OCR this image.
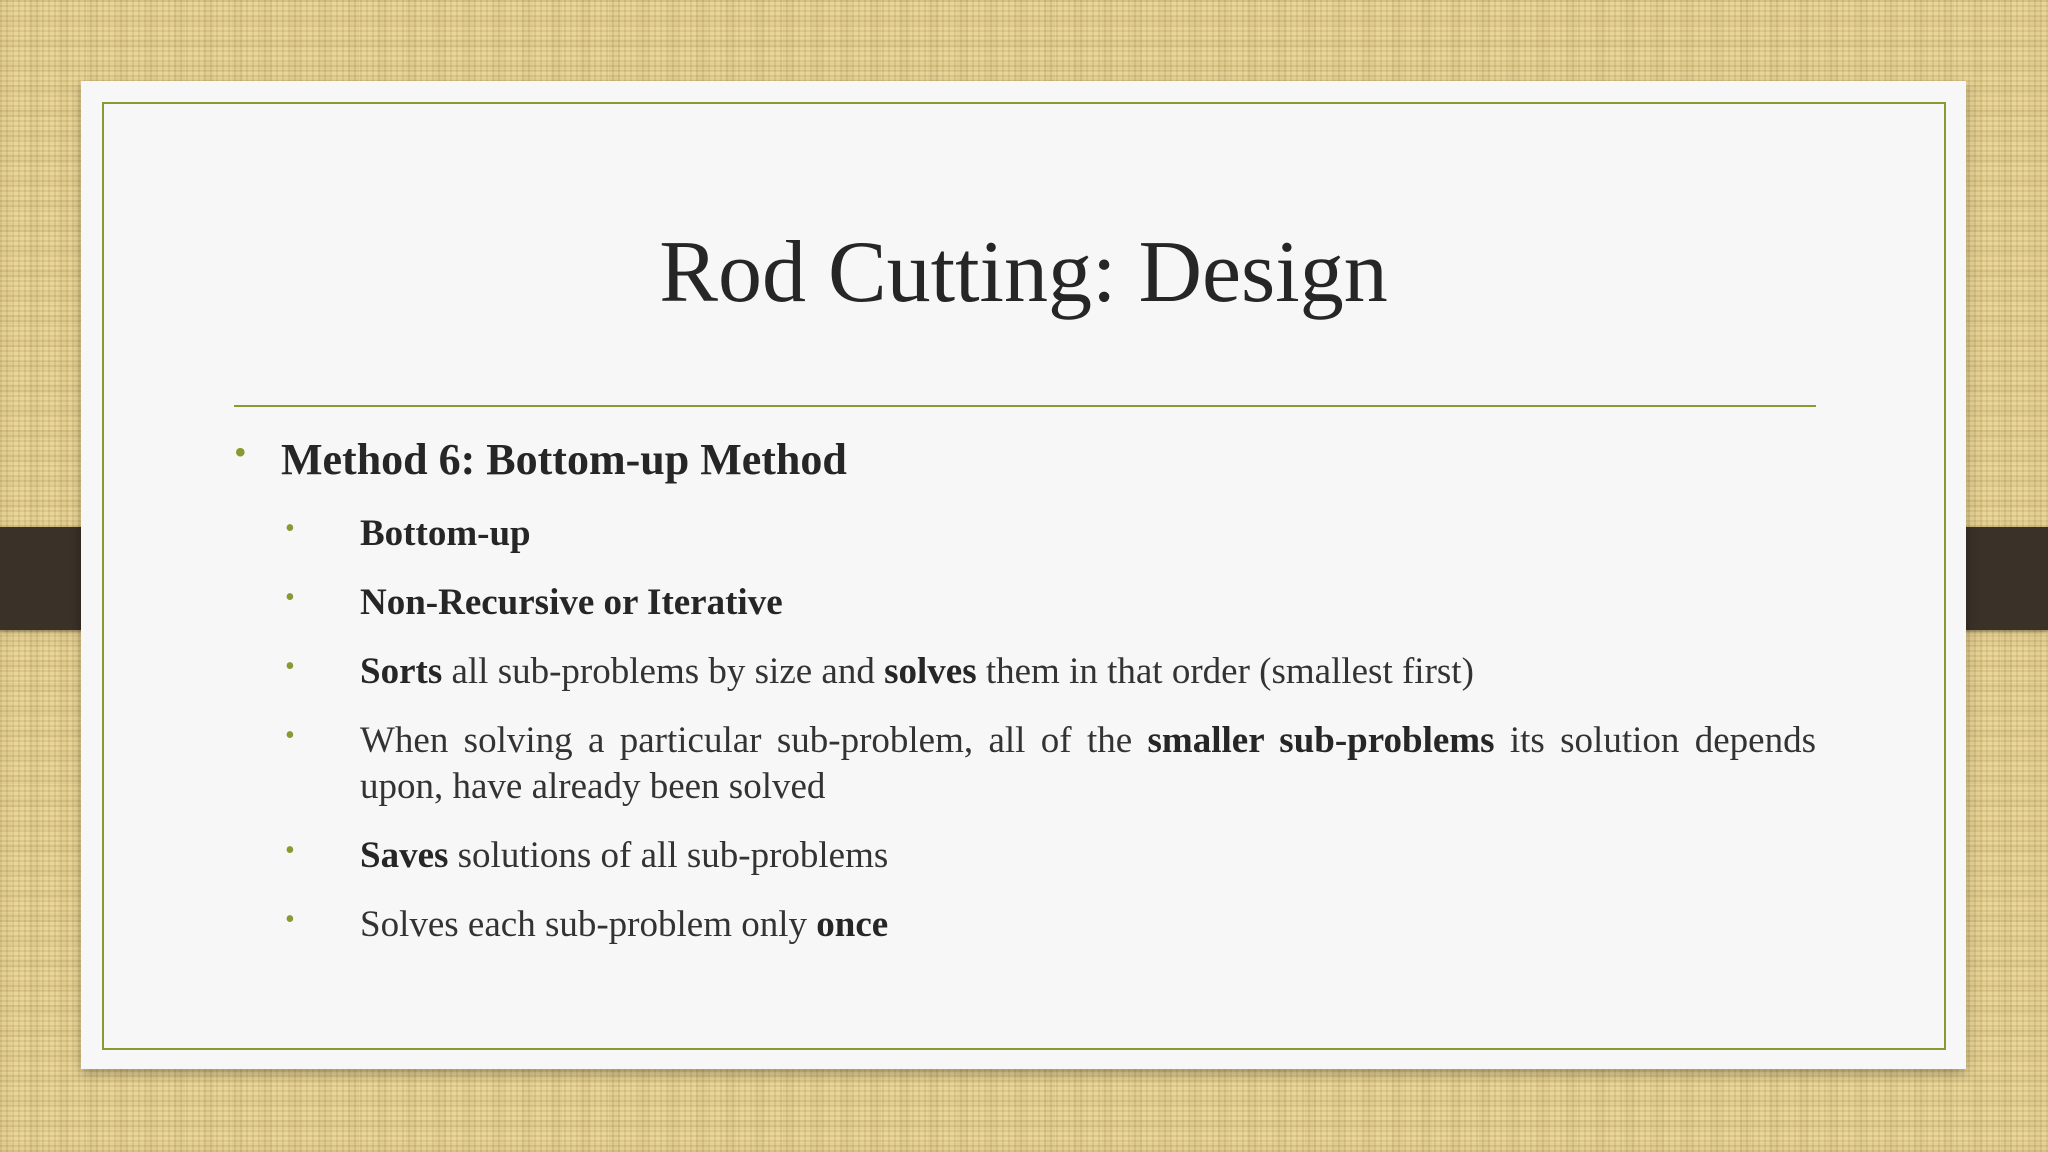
Rod Cutting: Design
• Method 6: Bottom-up Method
• Bottom-up
• Non-Recursive or Iterative
• Sorts all sub-problems by size and solves them in that order (smallest first)
• When solving a particular sub-problem, all of the smaller sub-problems its solution depends upon, have already been solved
• Saves solutions of all sub-problems
• Solves each sub-problem only once
